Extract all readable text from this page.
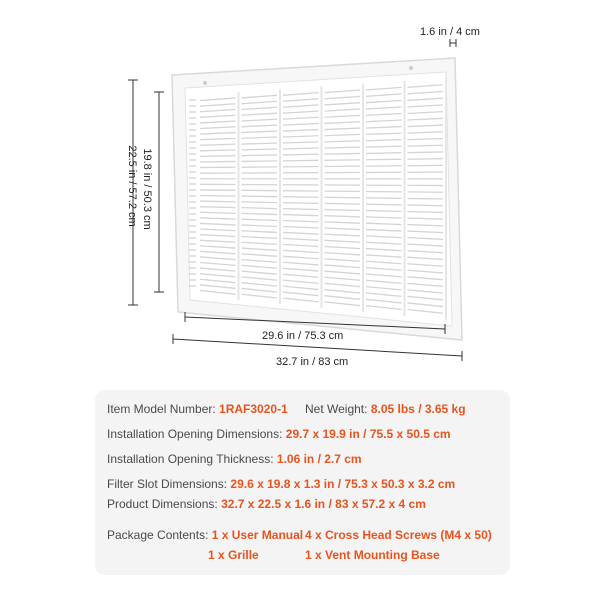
1.6 in / 4 cm
22.5 in / 57.2 cm 19.8 in / 50.3 cm
29.6 in / 75.3 cm
32.7 in / 83 cm
Item Model Number: 1RAF3020-1 Net Weight: 8.05 lbs / 3.65 kg
Installation Opening Dimensions: 29.7 x 19.9 in / 75.5 x 50.5 cm
Installation Opening Thickness: 1.06 in / 2.7 cm
Filter Slot Dimensions: 29.6 x 19.8 x 1.3 in / 75.3 x 50.3 x 3.2 cm
Product Dimensions: 32.7 x 22.5 x 1.6 in / 83 x 57.2 x 4 cm
Package Contents: 1 x User Manual 4 x Cross Head Screws (M4 x 50)
1 x Grille	1 x Vent Mounting Base
